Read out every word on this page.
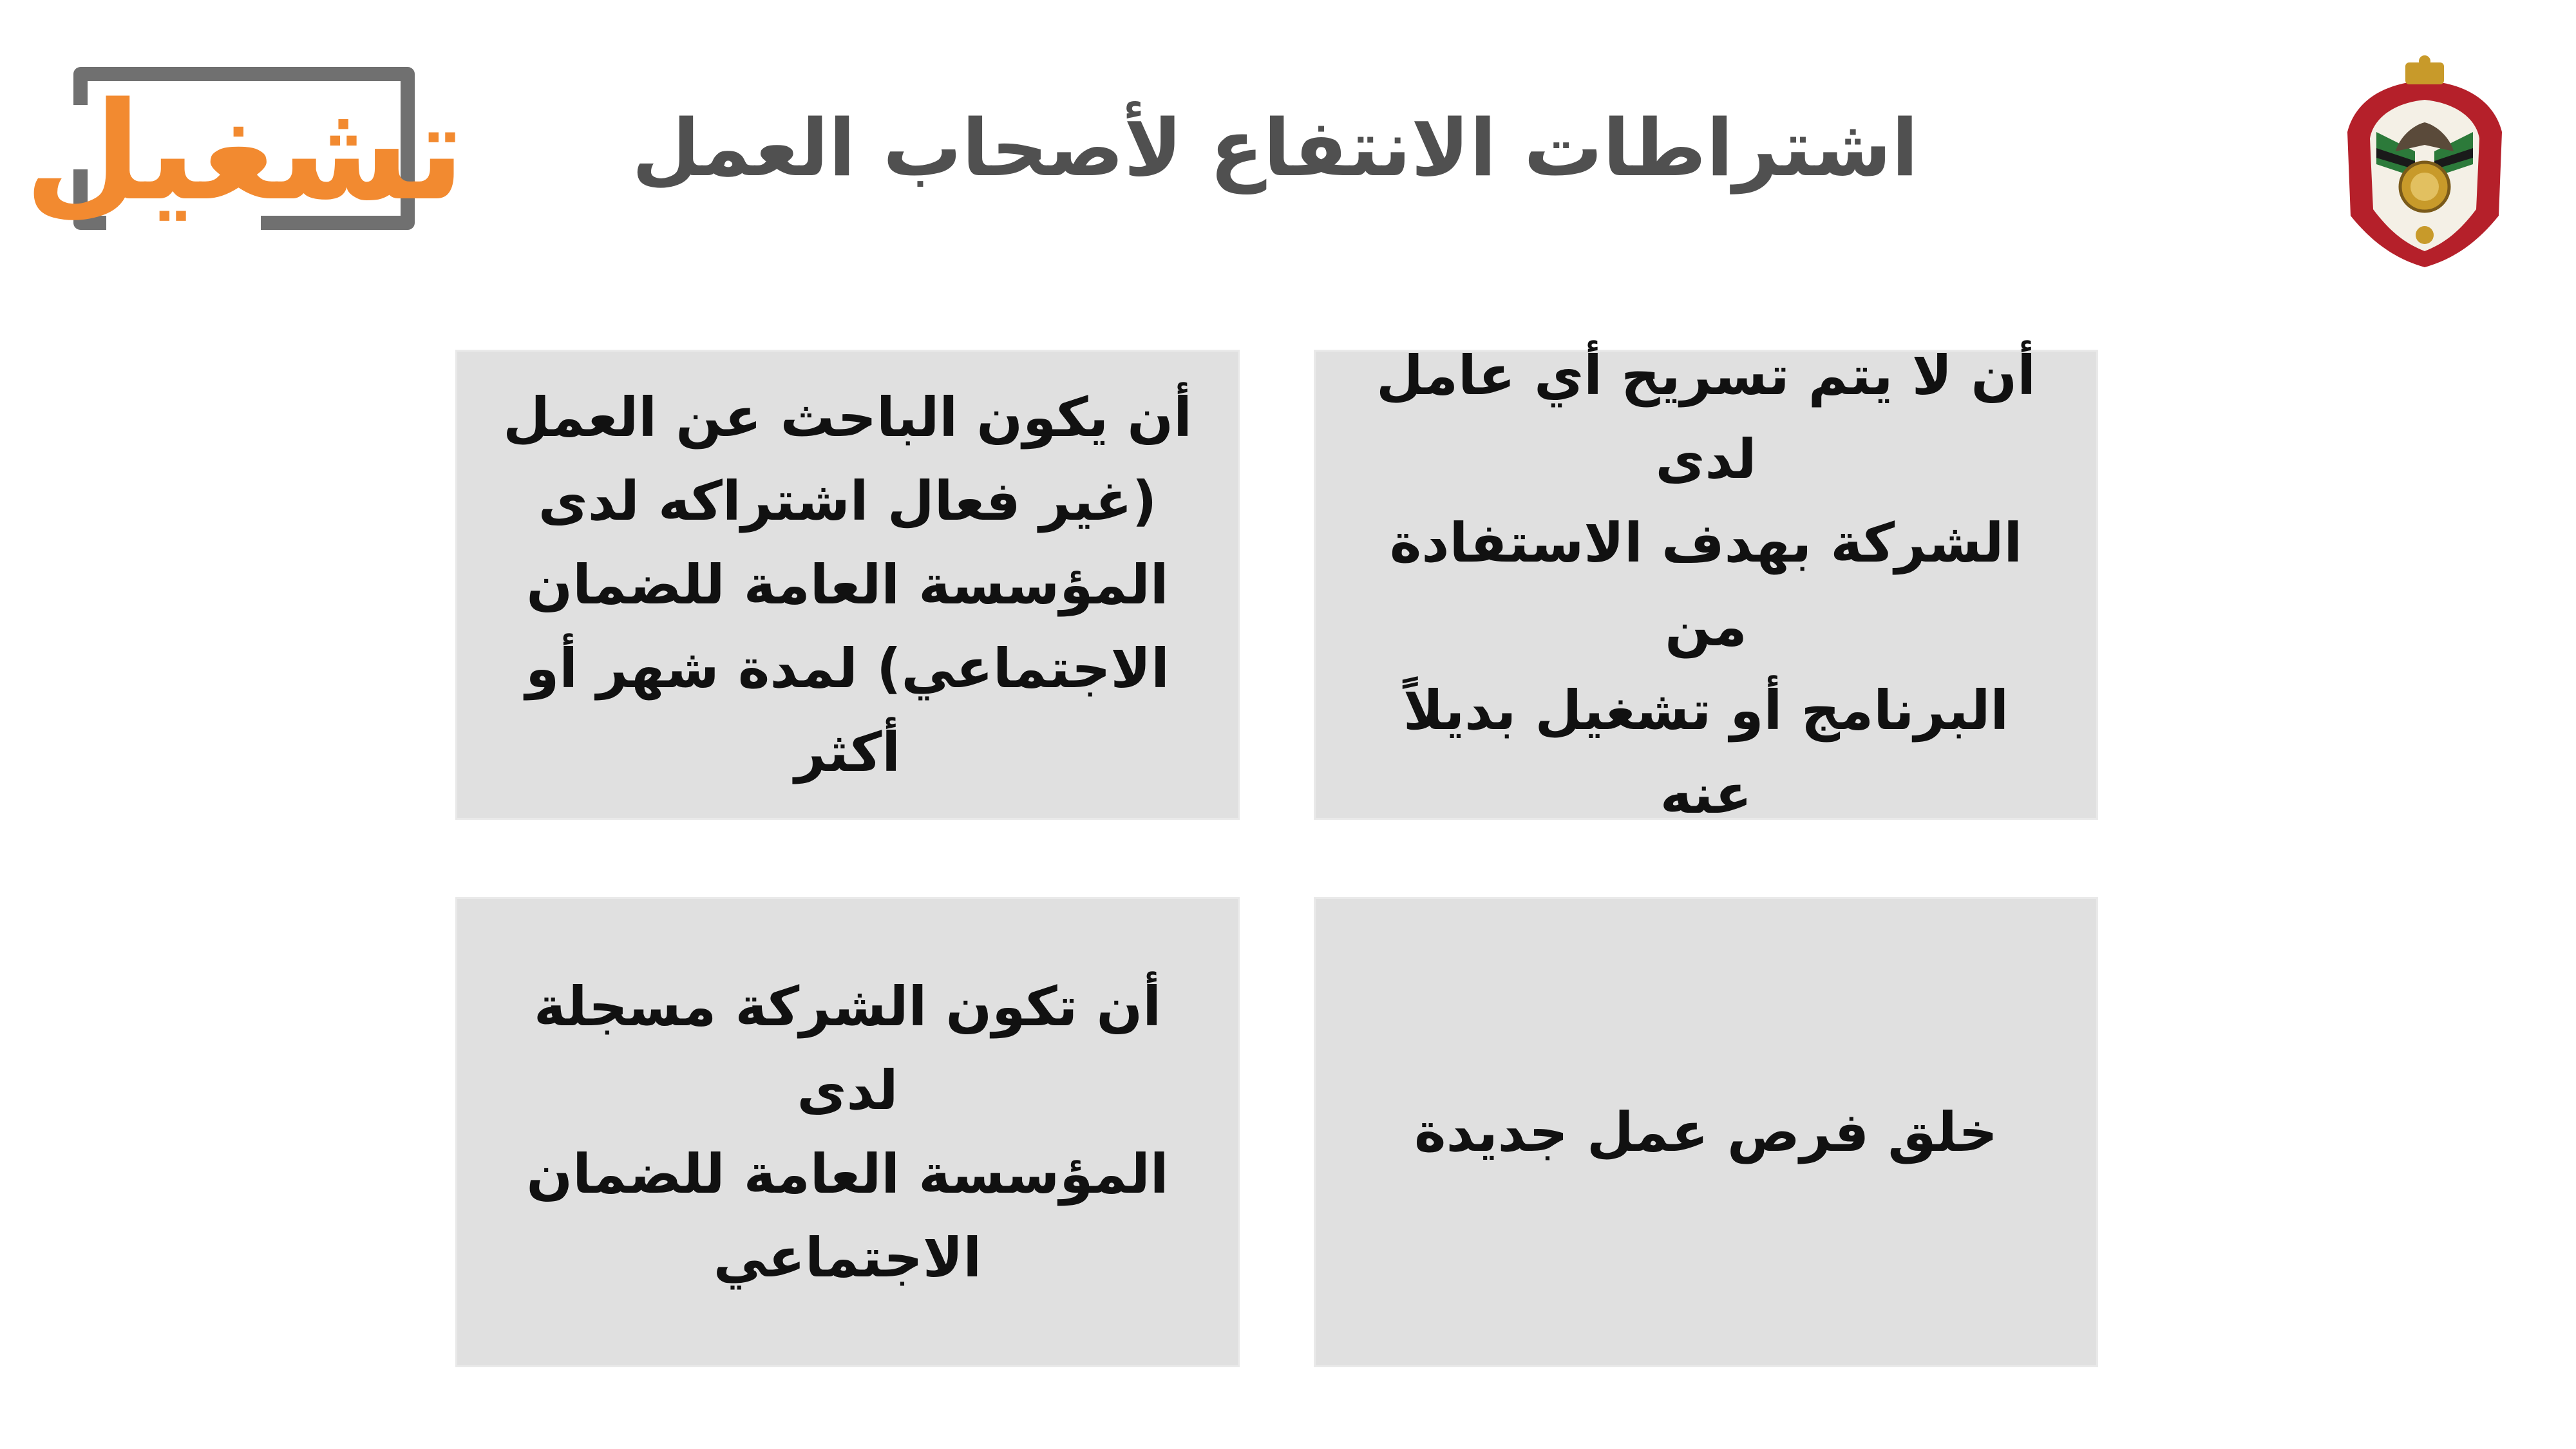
تشغيل	اشتراطات الانتفاع لأصحاب العمل
أن لا يتم تسريح أي عامل لدى
الشركة بهدف الاستفادة من
البرنامج أو تشغيل بديلاً عنه
أن يكون الباحث عن العمل
(غير فعال اشتراكه لدى
المؤسسة العامة للضمان
الاجتماعي) لمدة شهر أو أكثر
خلق فرص عمل جديدة
أن تكون الشركة مسجلة لدى
المؤسسة العامة للضمان
الاجتماعي
